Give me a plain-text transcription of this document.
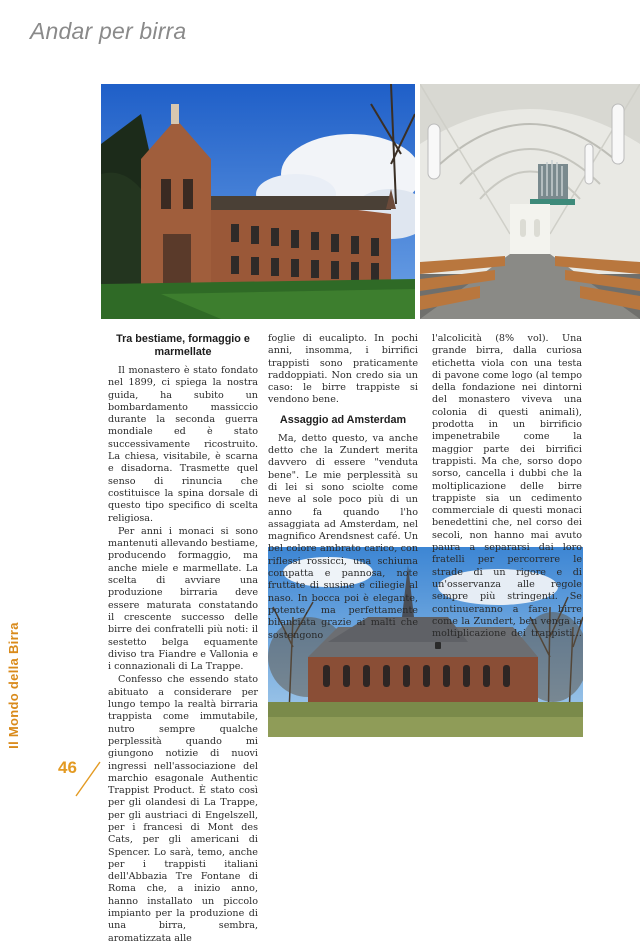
Andar per birra
Il Mondo della Birra
46
Tra bestiame, formaggio e marmellate

Il monastero è stato fondato nel 1899, ci spiega la nostra guida, ha subito un bombardamento massiccio durante la seconda guerra mondiale ed è stato successivamente ricostruito. La chiesa, visitabile, è scarna e disadorna. Trasmette quel senso di rinuncia che costituisce la spina dorsale di questo tipo specifico di scelta religiosa.

Per anni i monaci si sono mantenuti allevando bestiame, producendo formaggio, ma anche miele e marmellate. La scelta di avviare una produzione birraria deve essere maturata constatando il crescente successo delle birre dei confratelli più noti: il sestetto belga equamente diviso tra Fiandre e Vallonia e i connazionali di La Trappe.

Confesso che essendo stato abituato a considerare per lungo tempo la realtà birraria trappista come immutabile, nutro sempre qualche perplessità quando mi giungono notizie di nuovi ingressi nell'associazione del marchio esagonale Authentic Trappist Product. È stato così per gli olandesi di La Trappe, per gli austriaci di Engelszell, per i francesi di Mont des Cats, per gli americani di Spencer. Lo sarà, temo, anche per i trappisti italiani dell'Abbazia Tre Fontane di Roma che, a inizio anno, hanno installato un piccolo impianto per la produzione di una birra, sembra, aromatizzata alle

foglie di eucalipto. In pochi anni, insomma, i birrifici trappisti sono praticamente raddoppiati. Non credo sia un caso: le birre trappiste si vendono bene.

Assaggio ad Amsterdam

Ma, detto questo, va anche detto che la Zundert merita davvero di essere "venduta bene". Le mie perplessità su di lei si sono sciolte come neve al sole poco più di un anno fa quando l'ho assaggiata ad Amsterdam, nel magnifico Arendsnest café. Un bel colore ambrato carico, con riflessi rossicci, una schiuma compatta e pannosa, note fruttate di susine e ciliegie al naso. In bocca poi è elegante, potente, ma perfettamente bilanciata grazie ai malti che sostengono

l'alcolicità (8% vol). Una grande birra, dalla curiosa etichetta viola con una testa di pavone come logo (al tempo della fondazione nei dintorni del monastero viveva una colonia di questi animali), prodotta in un birrificio impenetrabile come la maggior parte dei birrifici trappisti. Ma che, sorso dopo sorso, cancella i dubbi che la moltiplicazione delle birre trappiste sia un cedimento commerciale di questi monaci benedettini che, nel corso dei secoli, non hanno mai avuto paura a separarsi dai loro fratelli per percorrere le strade di un rigore e di un'osservanza alle regole sempre più stringenti. Se continueranno a fare birre come la Zundert, ben venga la moltiplicazione dei trappisti…
